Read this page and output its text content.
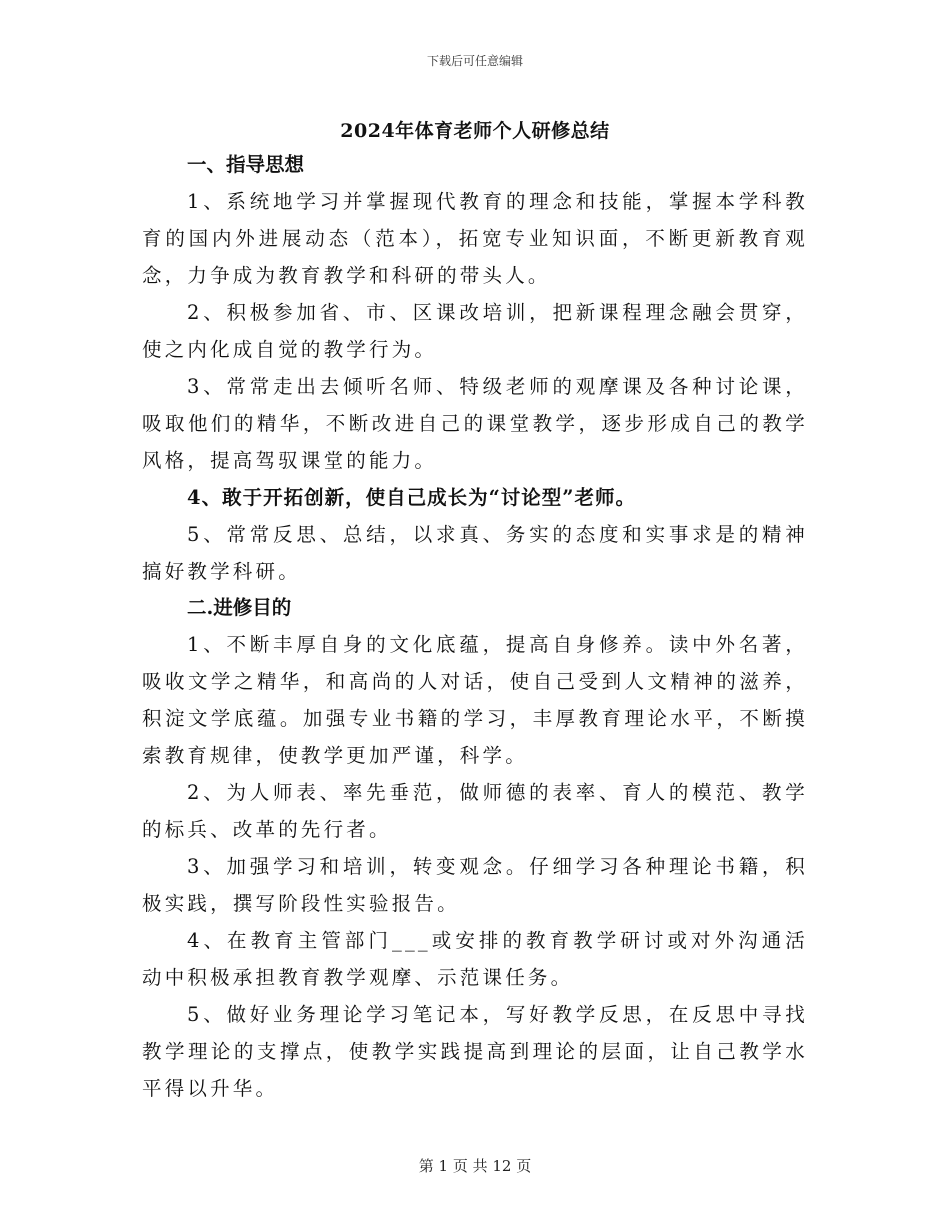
下载后可任意编辑
2024年体育老师个人研修总结

一、指导思想

1、系统地学习并掌握现代教育的理念和技能，掌握本学科教育的国内外进展动态（范本），拓宽专业知识面，不断更新教育观念，力争成为教育教学和科研的带头人。

2、积极参加省、市、区课改培训，把新课程理念融会贯穿，使之内化成自觉的教学行为。

3、常常走出去倾听名师、特级老师的观摩课及各种讨论课，吸取他们的精华，不断改进自己的课堂教学，逐步形成自己的教学风格，提高驾驭课堂的能力。

4、敢于开拓创新，使自己成长为“讨论型”老师。

5、常常反思、总结，以求真、务实的态度和实事求是的精神搞好教学科研。

二.进修目的

1、不断丰厚自身的文化底蕴，提高自身修养。读中外名著，吸收文学之精华，和高尚的人对话，使自己受到人文精神的滋养，积淀文学底蕴。加强专业书籍的学习，丰厚教育理论水平，不断摸索教育规律，使教学更加严谨，科学。

2、为人师表、率先垂范，做师德的表率、育人的模范、教学的标兵、改革的先行者。

3、加强学习和培训，转变观念。仔细学习各种理论书籍，积极实践，撰写阶段性实验报告。

4、在教育主管部门___或安排的教育教学研讨或对外沟通活动中积极承担教育教学观摩、示范课任务。

5、做好业务理论学习笔记本，写好教学反思，在反思中寻找教学理论的支撑点，使教学实践提高到理论的层面，让自己教学水平得以升华。

第 1 页 共 12 页
